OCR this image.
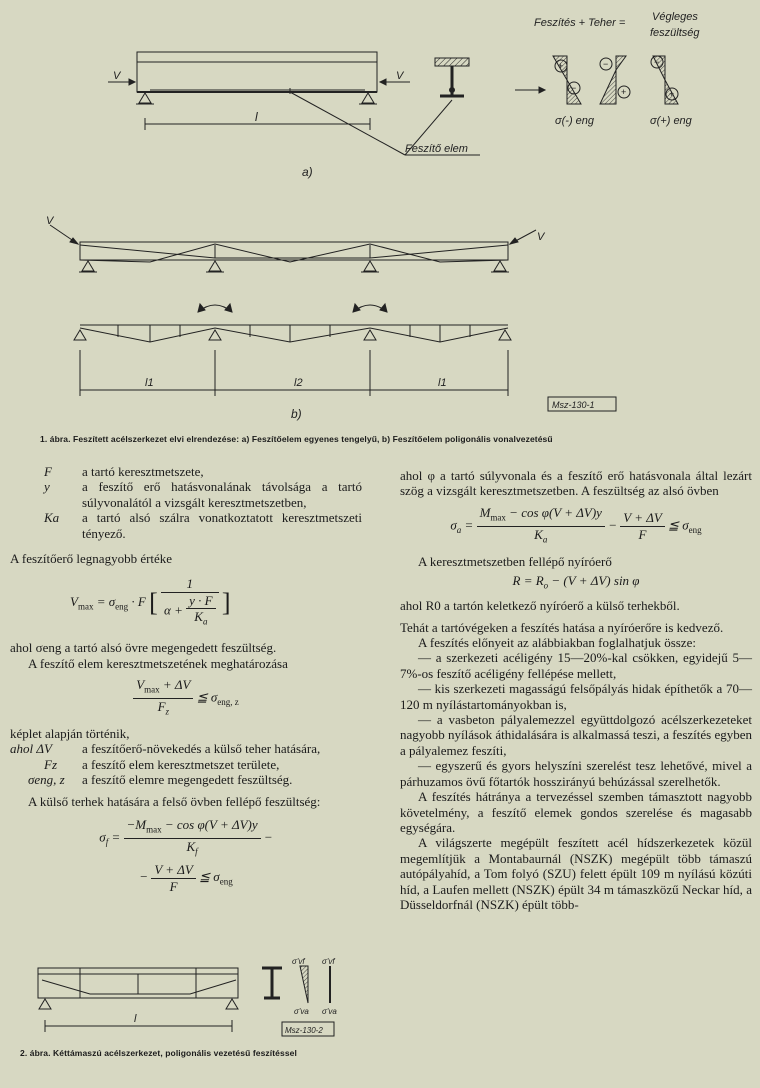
V	V
l
Feszítő elem
a)
Feszítés + Teher = Végleges
feszültség
+
−
−
+
−
+
σ(-) eng	σ(+) eng
V
V
l1	l2	l1
b)
Msz-130-1
1. ábra. Feszített acélszerkezet elvi elrendezése: a) Feszítőelem egyenes tengelyű, b) Feszítőelem poligonális vonalvezetésű

F a tartó keresztmetszete,

y a feszítő erő hatásvonalának távolsága a tartó súlyvonalától a vizsgált keresztmetszetben,

Ka a tartó alsó szálra vonatkoztatott keresztmetszeti tényező.

A feszítőerő legnagyobb értéke

$V_{max} = \sigma_{eng} \cdot F$ [ $\frac{1}{\alpha + \frac{y \cdot F}{K_a}}$ ]

ahol σeng a tartó alsó övre megengedett feszültség.

A feszítő elem keresztmetszetének meghatározása

$\frac{V_{max} + \Delta V}{F_z}$ ≦ $\sigma_{eng, z}$

képlet alapján történik,

ahol ΔV a feszítőerő-növekedés a külső teher hatására,

Fz a feszítő elem keresztmetszet területe,

σeng, z a feszítő elemre megengedett feszültség.

A külső terhek hatására a felső övben fellépő feszültség:

$\sigma_f = \frac{-M_{max} - \cos \varphi(V + \Delta V)y}{K_f}$ −
− $\frac{V + \Delta V}{F}$ ≦ $\sigma_{eng}$
l
σ'vf σ'vf
σ'va σ'va
Msz-130-2
2. ábra. Kéttámaszú acélszerkezet, poligonális vezetésű feszítéssel

ahol φ a tartó súlyvonala és a feszítő erő hatásvonala által lezárt szög a vizsgált keresztmetszetben. A feszültség az alsó övben

$\sigma_a = \frac{M_{max} - \cos \varphi(V + \Delta V)y}{K_a} - \frac{V + \Delta V}{F}$ ≦ $\sigma_{eng}$

A keresztmetszetben fellépő nyíróerő

$R = R_o - (V + \Delta V)$ sin φ

ahol R0 a tartón keletkező nyíróerő a külső terhekből.

Tehát a tartóvégeken a feszítés hatása a nyíróerőre is kedvező.

A feszítés előnyeit az alábbiakban foglalhatjuk össze:

— a szerkezeti acéligény 15—20%-kal csökken, egyidejű 5—7%-os feszítő acéligény fellépése mellett,

— kis szerkezeti magasságú felsőpályás hidak építhetők a 70—120 m nyílástartományokban is,

— a vasbeton pályalemezzel együttdolgozó acélszerkezeteket nagyobb nyílások áthidalására is alkalmassá teszi, a feszítés egyben a pályalemez feszíti,

— egyszerű és gyors helyszíni szerelést tesz lehetővé, mivel a párhuzamos övű főtartók hosszirányú behúzással szerelhetők.

A feszítés hátránya a tervezéssel szemben támasztott nagyobb követelmény, a feszítő elemek gondos szerelése és magasabb egységára.

A világszerte megépült feszített acél hídszerkezetek közül megemlítjük a Montabaurnál (NSZK) megépült több támaszú autópályahíd, a Tom folyó (SZU) felett épült 109 m nyílású közúti híd, a Laufen mellett (NSZK) épült 34 m támaszközű Neckar híd, a Düsseldorfnál (NSZK) épült több-
